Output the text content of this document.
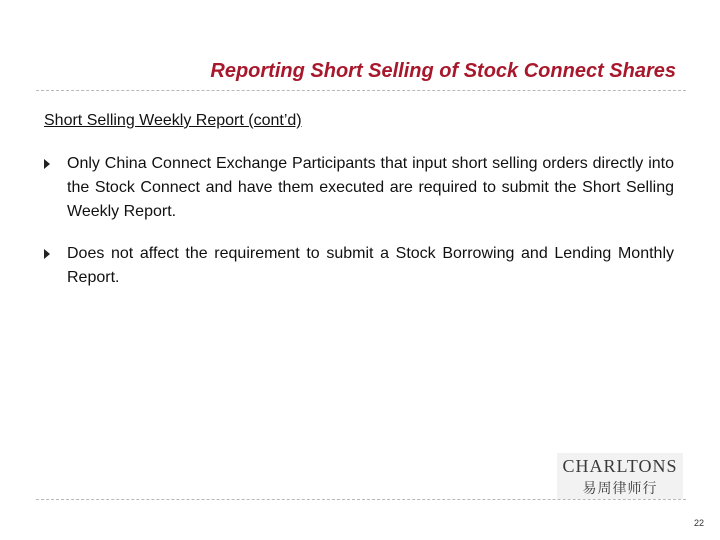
Reporting Short Selling of Stock Connect Shares
Short Selling Weekly Report (cont’d)
Only China Connect Exchange Participants that input short selling orders directly into the Stock Connect and have them executed are required to submit the Short Selling Weekly Report.
Does not affect the requirement to submit a Stock Borrowing and Lending Monthly Report.
CHARLTONS
易周律师行
22
